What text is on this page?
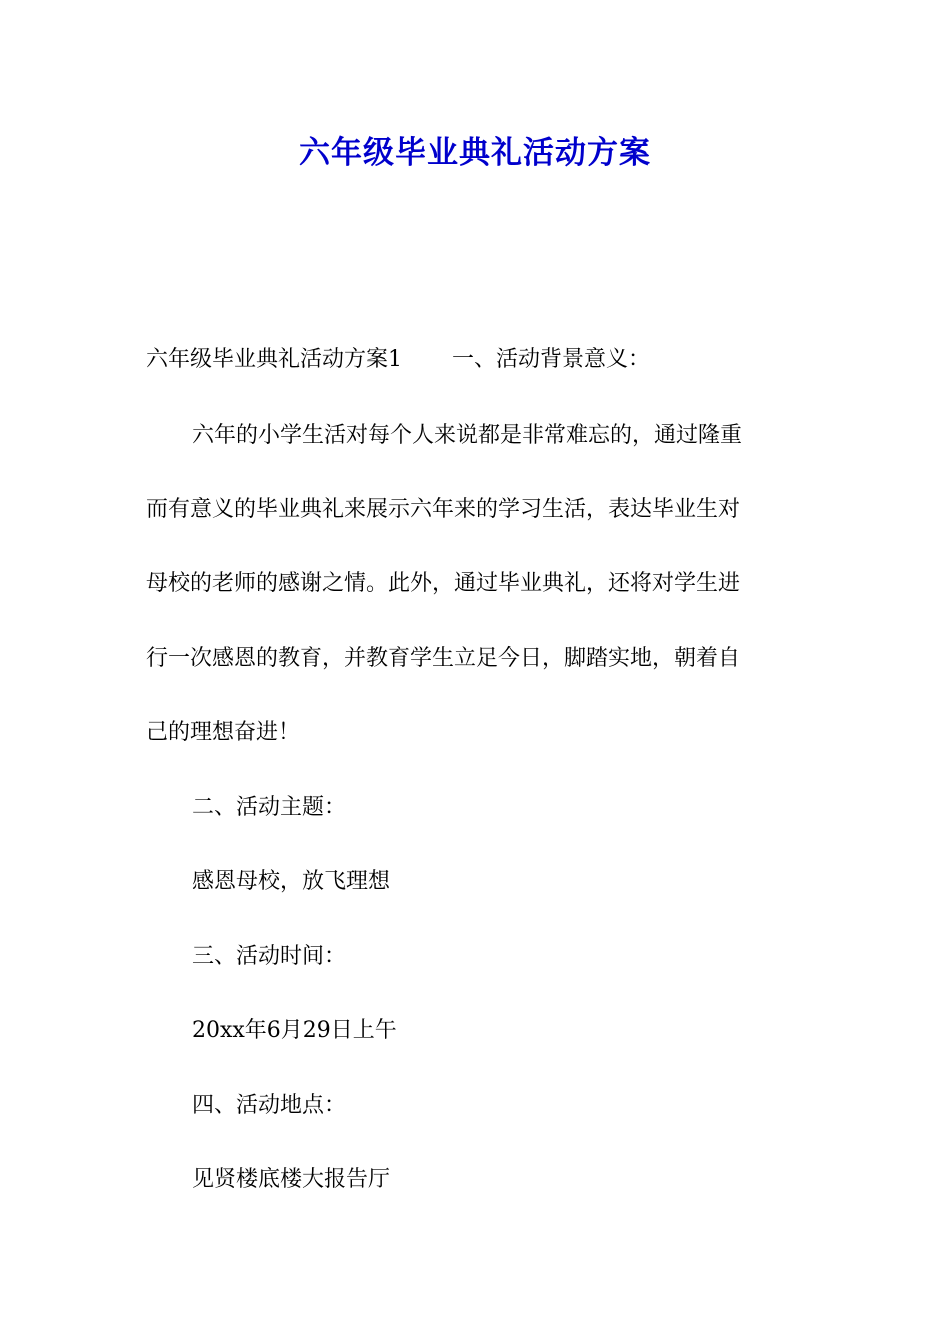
六年级毕业典礼活动方案
六年级毕业典礼活动方案1 一、活动背景意义：
六年的小学生活对每个人来说都是非常难忘的，通过隆重
而有意义的毕业典礼来展示六年来的学习生活，表达毕业生对
母校的老师的感谢之情。此外，通过毕业典礼，还将对学生进
行一次感恩的教育，并教育学生立足今日，脚踏实地，朝着自
己的理想奋进！
二、活动主题：
感恩母校，放飞理想
三、活动时间：
20xx年6月29日上午
四、活动地点：
见贤楼底楼大报告厅
